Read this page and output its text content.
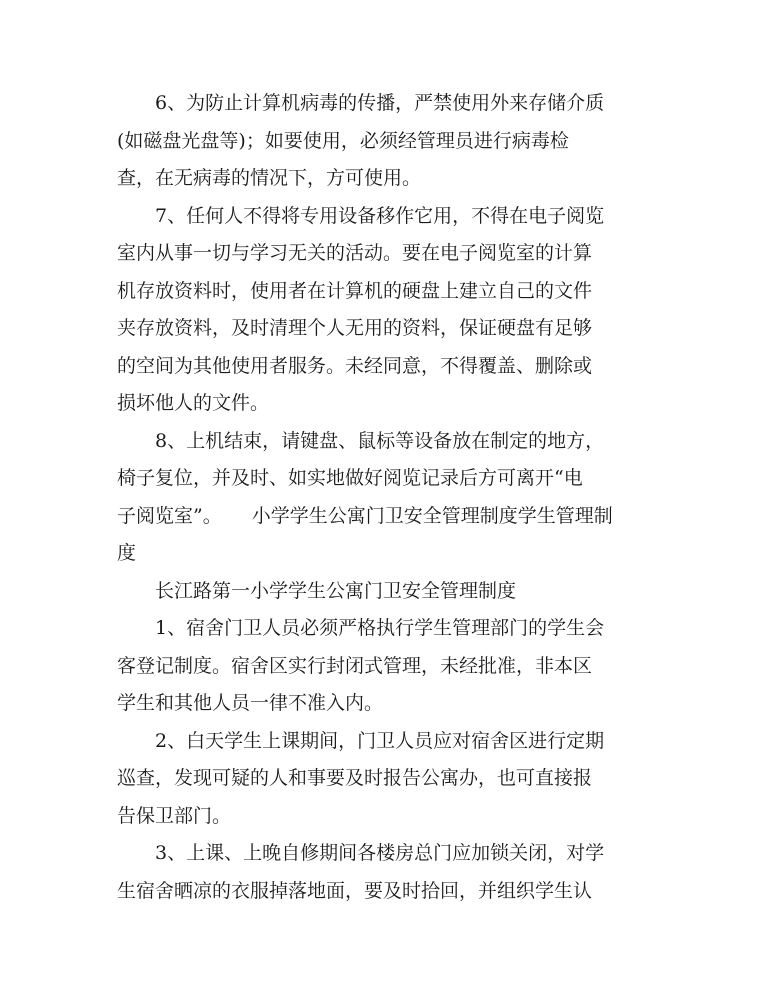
6、为防止计算机病毒的传播，严禁使用外来存储介质
(如磁盘光盘等)；如要使用，必须经管理员进行病毒检
查，在无病毒的情况下，方可使用。
7、任何人不得将专用设备移作它用，不得在电子阅览
室内从事一切与学习无关的活动。要在电子阅览室的计算
机存放资料时，使用者在计算机的硬盘上建立自己的文件
夹存放资料，及时清理个人无用的资料，保证硬盘有足够
的空间为其他使用者服务。未经同意，不得覆盖、删除或
损坏他人的文件。
8、上机结束，请键盘、鼠标等设备放在制定的地方，
椅子复位，并及时、如实地做好阅览记录后方可离开“电
子阅览室”。 小学学生公寓门卫安全管理制度学生管理制
度
长江路第一小学学生公寓门卫安全管理制度
1、宿舍门卫人员必须严格执行学生管理部门的学生会
客登记制度。宿舍区实行封闭式管理，未经批准，非本区
学生和其他人员一律不准入内。
2、白天学生上课期间，门卫人员应对宿舍区进行定期
巡查，发现可疑的人和事要及时报告公寓办，也可直接报
告保卫部门。
3、上课、上晚自修期间各楼房总门应加锁关闭，对学
生宿舍晒凉的衣服掉落地面，要及时拾回，并组织学生认
